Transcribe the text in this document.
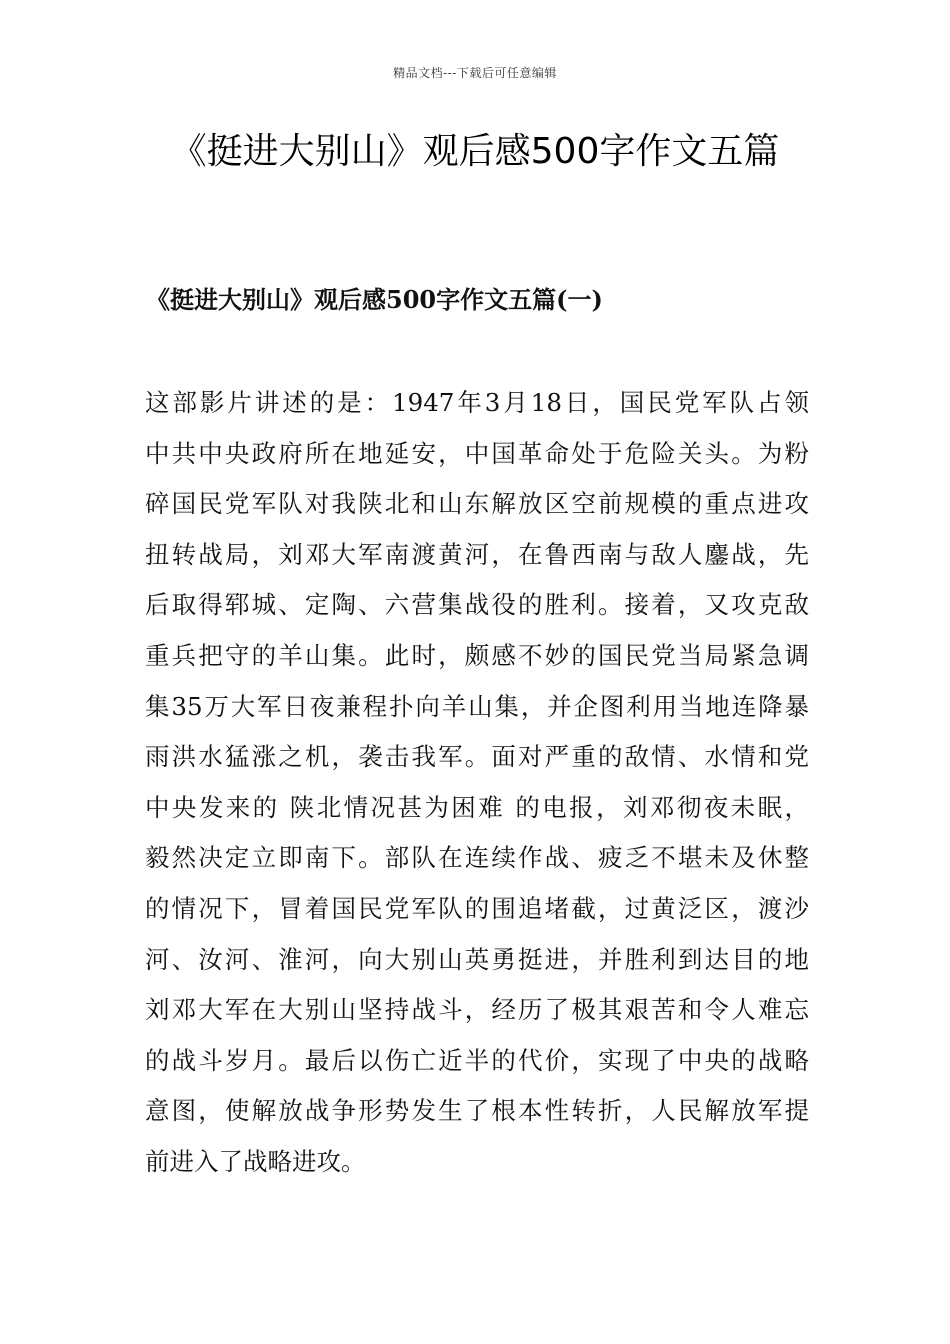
精品文档---下载后可任意编辑
《挺进大别山》观后感500字作文五篇
《挺进大别山》观后感500字作文五篇(一)
这部影片讲述的是：1947年3月18日，国民党军队占领
中共中央政府所在地延安，中国革命处于危险关头。为粉
碎国民党军队对我陕北和山东解放区空前规模的重点进攻
扭转战局，刘邓大军南渡黄河，在鲁西南与敌人鏖战，先
后取得郓城、定陶、六营集战役的胜利。接着，又攻克敌
重兵把守的羊山集。此时，颇感不妙的国民党当局紧急调
集35万大军日夜兼程扑向羊山集，并企图利用当地连降暴
雨洪水猛涨之机，袭击我军。面对严重的敌情、水情和党
中央发来的 陕北情况甚为困难 的电报，刘邓彻夜未眠，
毅然决定立即南下。部队在连续作战、疲乏不堪未及休整
的情况下，冒着国民党军队的围追堵截，过黄泛区，渡沙
河、汝河、淮河，向大别山英勇挺进，并胜利到达目的地
刘邓大军在大别山坚持战斗，经历了极其艰苦和令人难忘
的战斗岁月。最后以伤亡近半的代价，实现了中央的战略
意图，使解放战争形势发生了根本性转折，人民解放军提
前进入了战略进攻。
